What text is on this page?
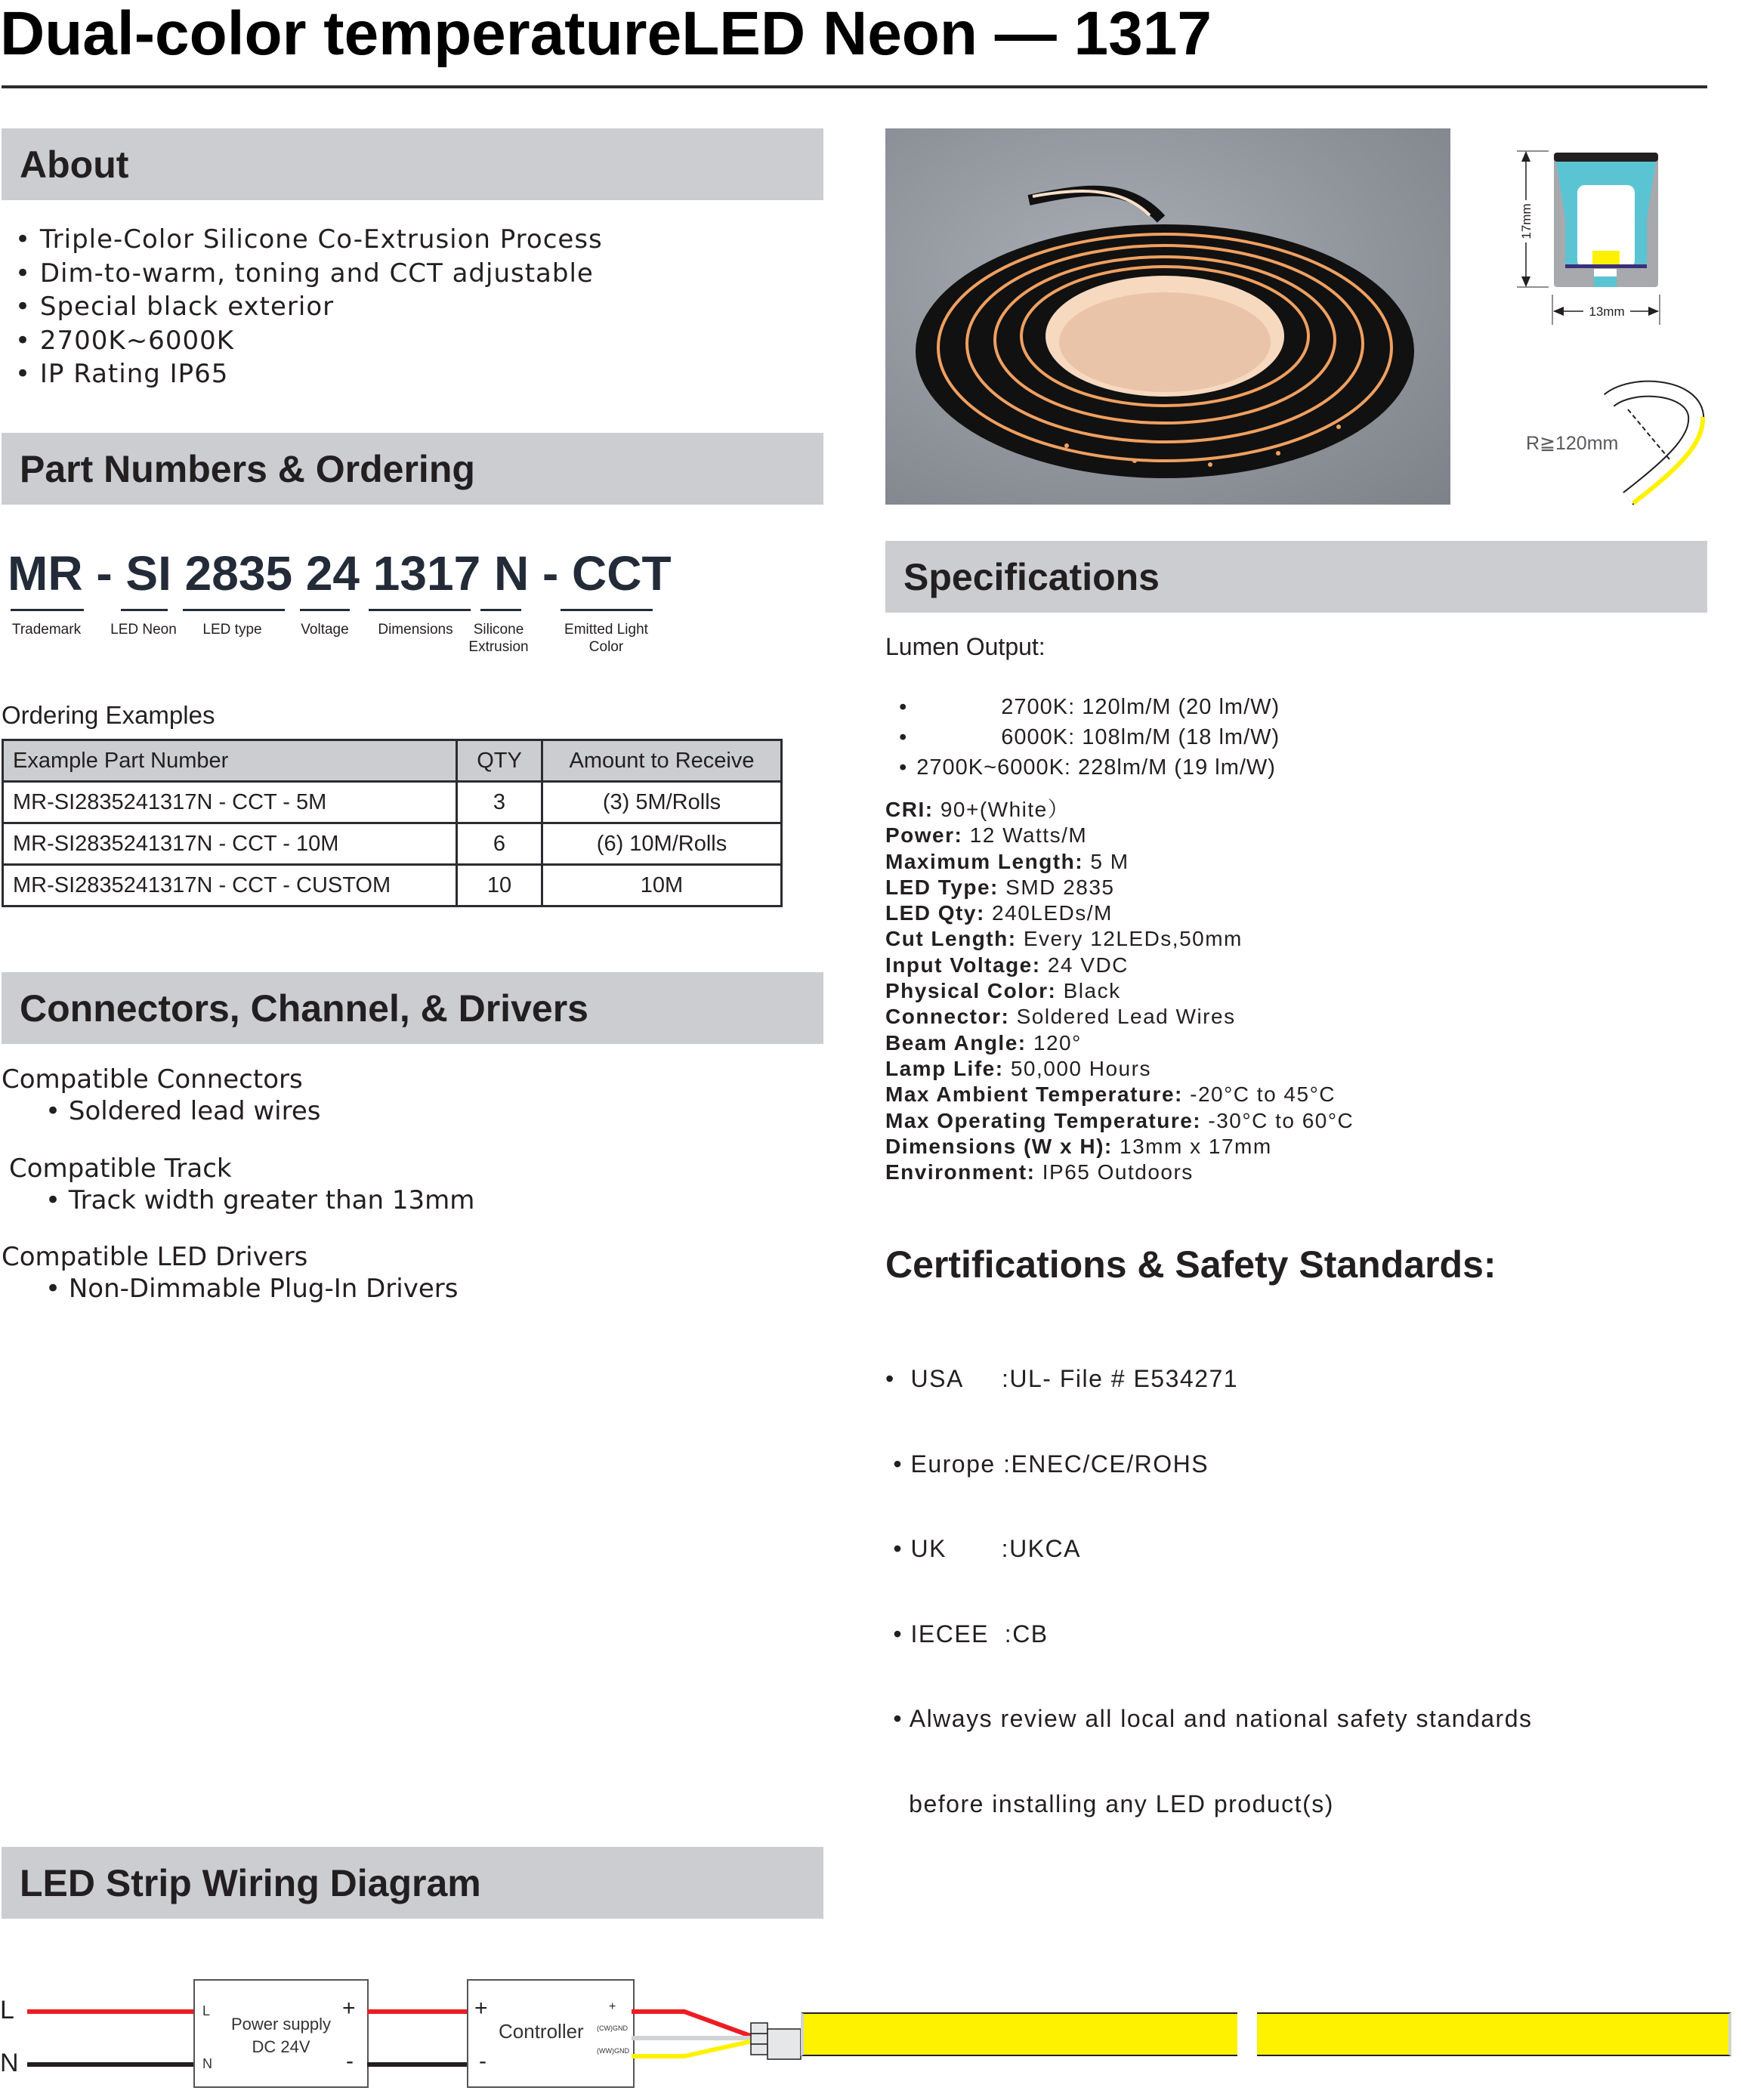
Dual-color temperatureLED Neon — 1317
About
• Triple-Color Silicone Co-Extrusion Process
• Dim-to-warm, toning and CCT adjustable
• Special black exterior
• 2700K~6000K
• IP Rating IP65
Part Numbers & Ordering
MR - SI 2835 24 1317 N - CCT
Trademark	LED Neon	LED type	Voltage	Dimensions	Silicone
Extrusion
Emitted Light
Color
Ordering Examples
Example Part Number	QTY	Amount to Receive
MR-SI2835241317N - CCT - 5M	3	(3) 5M/Rolls
MR-SI2835241317N - CCT - 10M	6	(6) 10M/Rolls
MR-SI2835241317N - CCT - CUSTOM	10	10M
Connectors, Channel, & Drivers
Compatible Connectors
• Soldered lead wires
Compatible Track
• Track width greater than 13mm
Compatible LED Drivers
• Non-Dimmable Plug-In Drivers
17mm
13mm
R≧120mm
Specifications
Lumen Output:

•	2700K: 120lm/M (20 lm/W)

•	6000K: 108lm/M (18 lm/W)

• 2700K~6000K: 228lm/M (19 lm/W)

CRI: 90+(White）
Power: 12 Watts/M
Maximum Length: 5 M
LED Type: SMD 2835
LED Qty: 240LEDs/M
Cut Length: Every 12LEDs,50mm
Input Voltage: 24 VDC
Physical Color: Black
Connector: Soldered Lead Wires
Beam Angle: 120°
Lamp Life: 50,000 Hours
Max Ambient Temperature: -20°C to 45°C
Max Operating Temperature: -30°C to 60°C
Dimensions (W x H): 13mm x 17mm
Environment: IP65 Outdoors
Certifications & Safety Standards:

•  USA     :UL- File # E534271

• Europe :ENEC/CE/ROHS

• UK       :UKCA

• IECEE  :CB

• Always review all local and national safety standards

before installing any LED product(s)

LED Strip Wiring Diagram
L
N
L
N
+
-
Power supply
DC 24V
+
-
Controller
+
(CW)GND
(WW)GND
